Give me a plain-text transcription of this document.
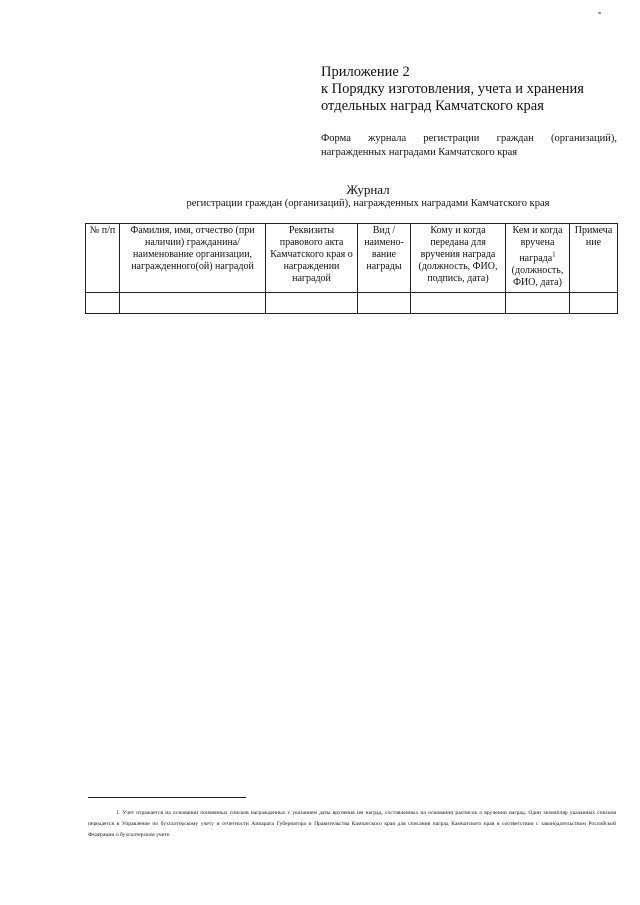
Приложение 2
к Порядку изготовления, учета и хранения
отдельных наград Камчатского края
Форма журнала регистрации граждан (организаций),
награжденных наградами Камчатского края
Журнал
регистрации граждан (организаций), награжденных наградами Камчатского края
№ п/п	Фамилия, имя, отчество (при наличии) гражданина/ наименование организации, награжденного(ой) наградой	Реквизиты правового акта Камчатского края о награждении наградой	Вид /наимено-вание награды	Кому и когда передана для вручения награда (должность, ФИО, подпись, дата)	Кем и когда вручена награда$^1$ (должность, ФИО, дата)	Примеча ние

1. Учет отражается на основании поименных списков награжденных с указанием даты вручения им наград, составленных на основании расписок о вручении наград. Один экземпляр указанных списков передается в Управление по бухгалтерскому учету и отчетности Аппарата Губернатора и Правительства Камчатского края для списания наград Камчатского края в соответствии с законодательством Российской Федерации о бухгалтерском учете.
